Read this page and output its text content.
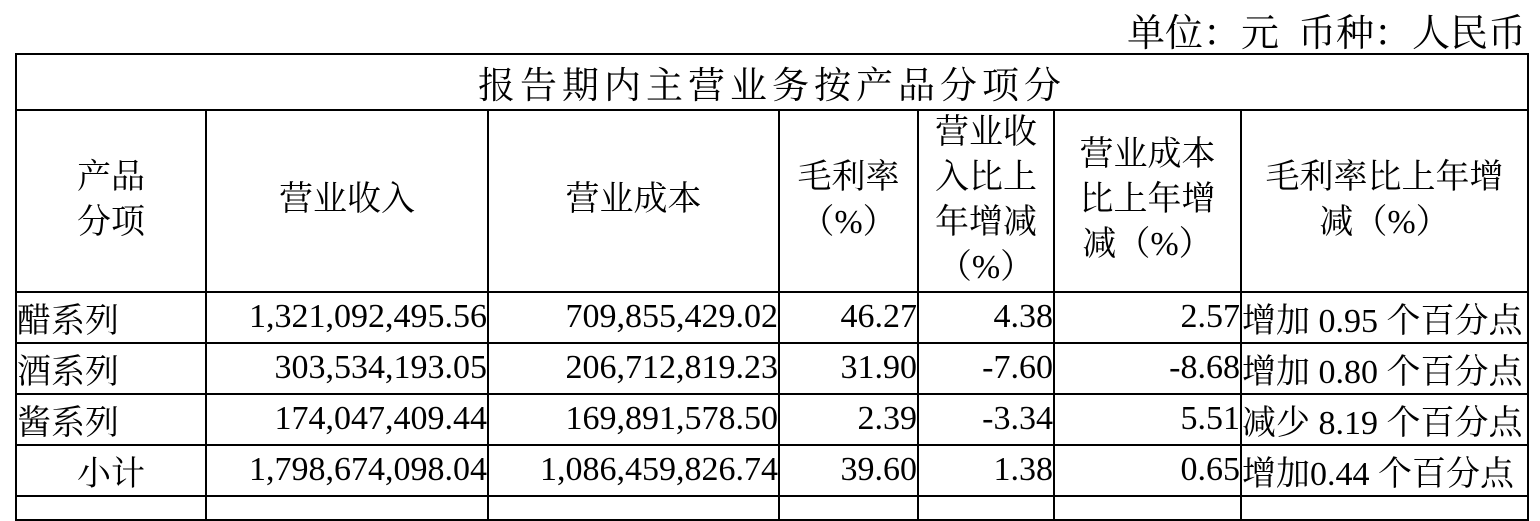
单位：元  币种：人民币
报告期内主营业务按产品分项分						
产品分项	营业收入	营业成本	毛利率（%）	营业收入比上年增减（%）	营业成本比上年增减（%）	毛利率比上年增减（%）
醋系列	1,321,092,495.56	709,855,429.02	46.27	4.38	2.57	增加 0.95 个百分点
酒系列	303,534,193.05	206,712,819.23	31.90	-7.60	-8.68	增加 0.80 个百分点
酱系列	174,047,409.44	169,891,578.50	2.39	-3.34	5.51	减少 8.19 个百分点
小计	1,798,674,098.04	1,086,459,826.74	39.60	1.38	0.65	增加0.44 个百分点
